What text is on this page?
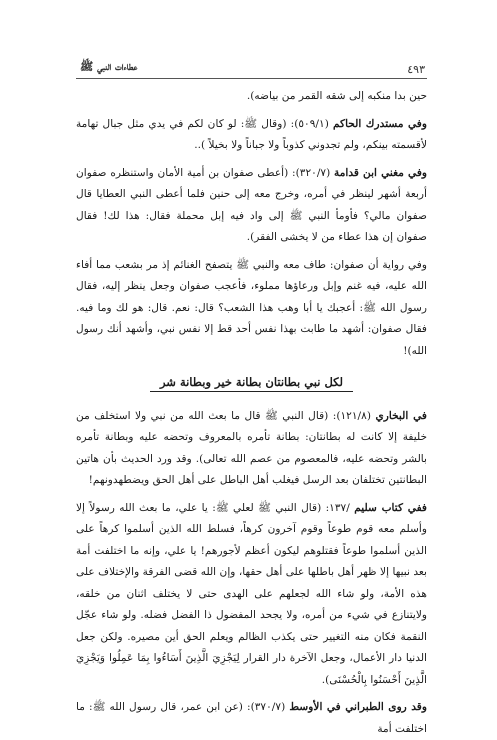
٤٩٣
عطاءات النبي ﷺ

حين بدا منكبه إلى شقه القمر من بياضه).

وفي مستدرك الحاكم (٥٠٩/١): (وقال ﷺ: لو كان لكم في يدي مثل جبال تهامة لأقسمته بينكم، ولم تجدوني كذوباً ولا جباناً ولا بخيلاً )..

وفي مغني ابن قدامة (٣٢٠/٧): (أعطى صفوان بن أمية الأمان واستنظره صفوان أربعة أشهر لينظر في أمره، وخرج معه إلى حنين فلما أعطى النبي العطايا قال صفوان مالي؟ فأومأ النبي ﷺ إلى واد فيه إبل محملة فقال: هذا لك! فقال صفوان إن هذا عطاء من لا يخشى الفقر).

وفي رواية أن صفوان: طاف معه والنبي ﷺ يتصفح الغنائم إذ مر بشعب مما أفاء الله عليه، فيه غنم وإبل ورعاؤها مملوء، فأعجب صفوان وجعل ينظر إليه، فقال رسول الله ﷺ: أعجبك يا أبا وهب هذا الشعب؟ قال: نعم. قال: هو لك وما فيه. فقال صفوان: أشهد ما طابت بهذا نفس أحد قط إلا نفس نبي، وأشهد أنك رسول الله)!

لكل نبي بطانتان بطانة خير وبطانة شر

في البخاري (١٢١/٨): (قال النبي ﷺ قال ما بعث الله من نبي ولا استخلف من خليفة إلا كانت له بطانتان: بطانة تأمره بالمعروف وتحضه عليه وبطانة تأمره بالشر وتحضه عليه، فالمعصوم من عصم الله تعالى). وقد ورد الحديث بأن هاتين البطانتين تختلفان بعد الرسل فيغلب أهل الباطل على أهل الحق ويضطهدونهم!

ففي كتاب سليم /١٣٧: (قال النبي ﷺ لعلي ﷺ: يا علي، ما بعث الله رسولاً إلا وأسلم معه قوم طوعاً وقوم آخرون كرهاً، فسلط الله الذين أسلموا كرهاً على الذين أسلموا طوعاً فقتلوهم ليكون أعظم لأجورهم! يا علي، وإنه ما اختلفت أمة بعد نبيها إلا ظهر أهل باطلها على أهل حقها، وإن الله قضى الفرقة والإختلاف على هذه الأمة، ولو شاء الله لجعلهم على الهدى حتى لا يختلف اثنان من خلقه، ولايتنازع في شيء من أمره، ولا يجحد المفضول ذا الفضل فضله. ولو شاء عجّل النقمة فكان منه التغيير حتى يكذب الظالم ويعلم الحق أين مصيره. ولكن جعل الدنيا دار الأعمال، وجعل الآخرة دار القرار لِيَجْزِيَ الَّذِينَ أَسَاءُوا بِمَا عَمِلُوا وَيَجْزِيَ الَّذِينَ أَحْسَنُوا بِالْحُسْنَى).

وقد روى الطبراني في الأوسط (٣٧٠/٧): (عن ابن عمر، قال رسول الله ﷺ: ما اختلفت أمة
